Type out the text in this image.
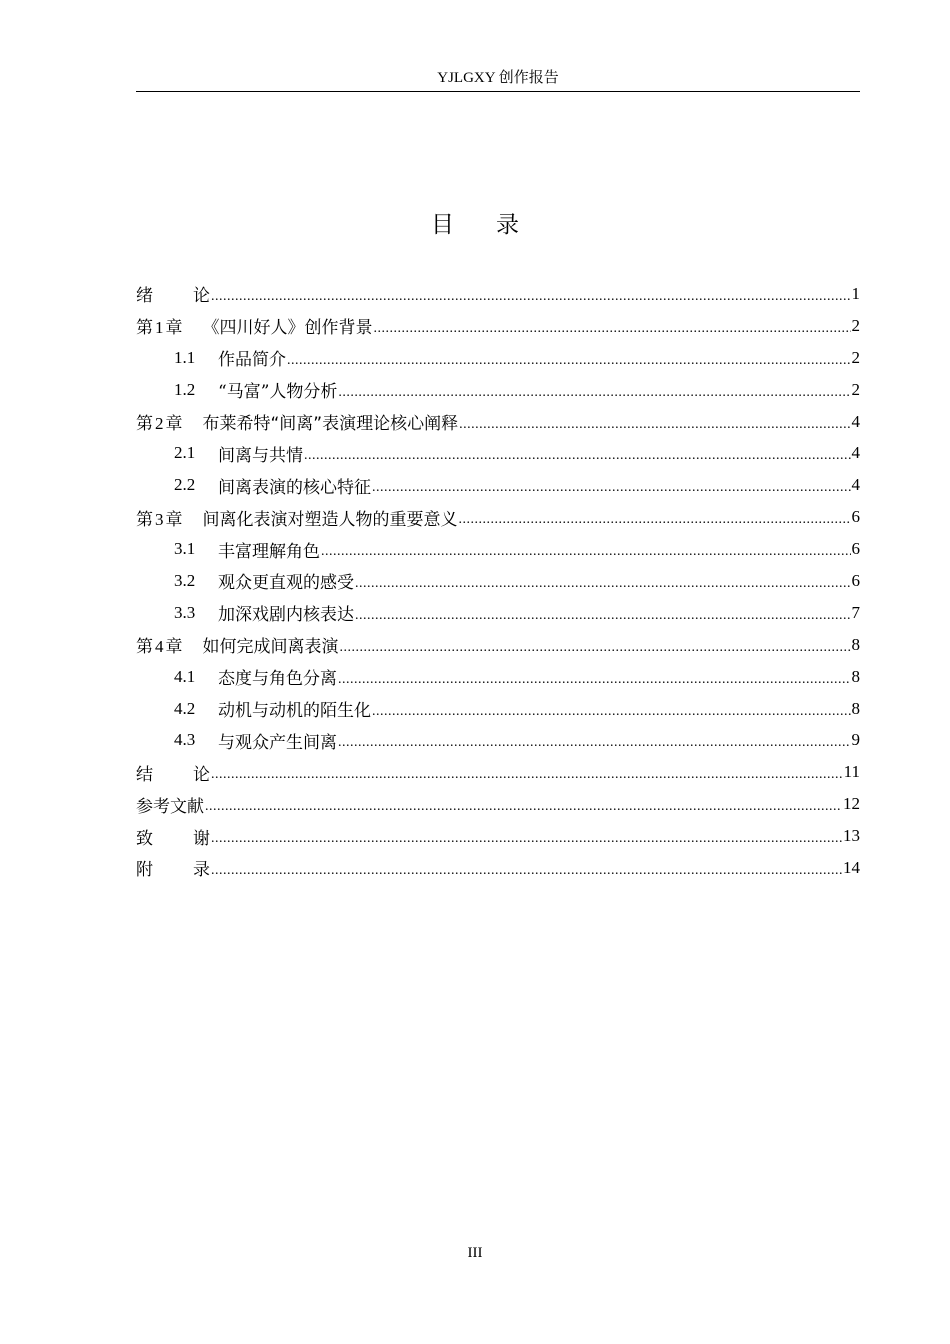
YJLGXY 创作报告
目 录
绪 论 .....	1
第 1 章 《四川好人》创作背景 .....	2
1.1	作品简介 .....	2
1.2	“马富”人物分析 .....	2
第 2 章 布莱希特“间离”表演理论核心阐释 .....	4
2.1	间离与共情 .....	4
2.2	间离表演的核心特征 .....	4
第 3 章 间离化表演对塑造人物的重要意义 .....	6
3.1	丰富理解角色 .....	6
3.2	观众更直观的感受 .....	6
3.3	加深戏剧内核表达 .....	7
第 4 章 如何完成间离表演 .....	8
4.1	态度与角色分离 .....	8
4.2	动机与动机的陌生化 .....	8
4.3	与观众产生间离 .....	9
结 论 .....	11
参考文献 .....	12
致 谢 .....	13
附 录 .....	14
III
